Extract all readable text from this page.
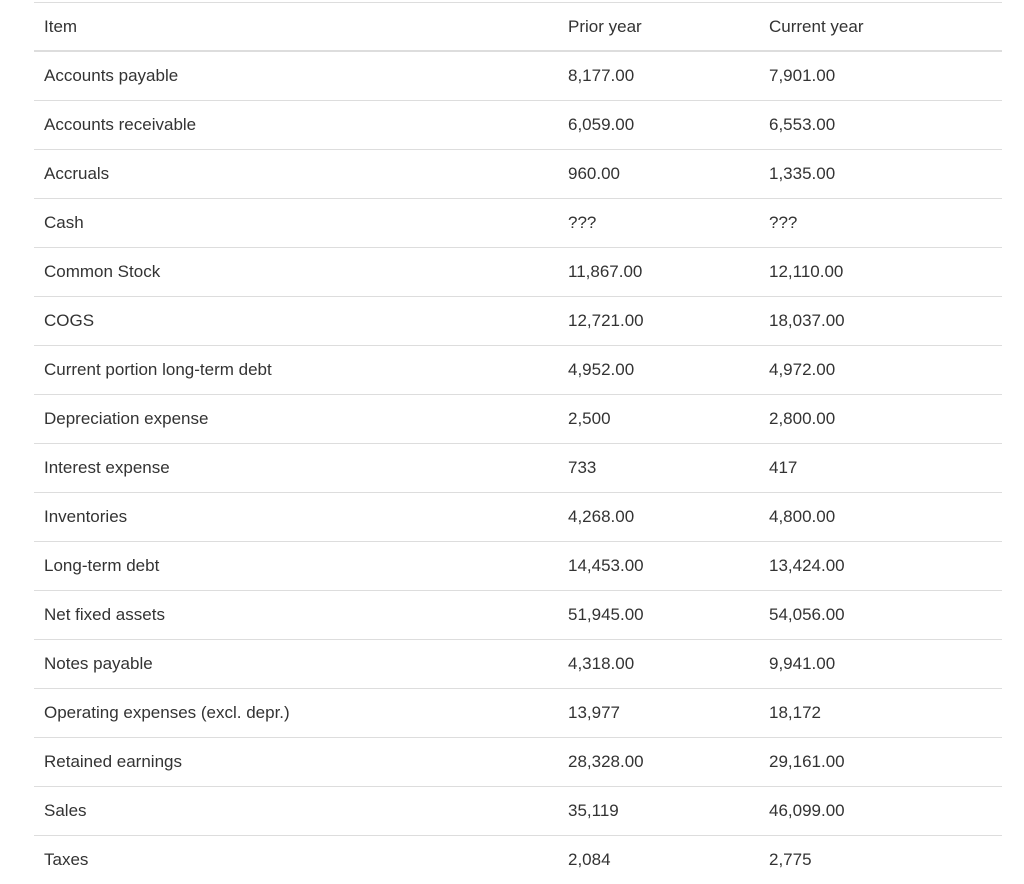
Item	Prior year	Current year
Accounts payable	8,177.00	7,901.00
Accounts receivable	6,059.00	6,553.00
Accruals	960.00	1,335.00
Cash	???	???
Common Stock	11,867.00	12,110.00
COGS	12,721.00	18,037.00
Current portion long-term debt	4,952.00	4,972.00
Depreciation expense	2,500	2,800.00
Interest expense	733	417
Inventories	4,268.00	4,800.00
Long-term debt	14,453.00	13,424.00
Net fixed assets	51,945.00	54,056.00
Notes payable	4,318.00	9,941.00
Operating expenses (excl. depr.)	13,977	18,172
Retained earnings	28,328.00	29,161.00
Sales	35,119	46,099.00
Taxes	2,084	2,775
